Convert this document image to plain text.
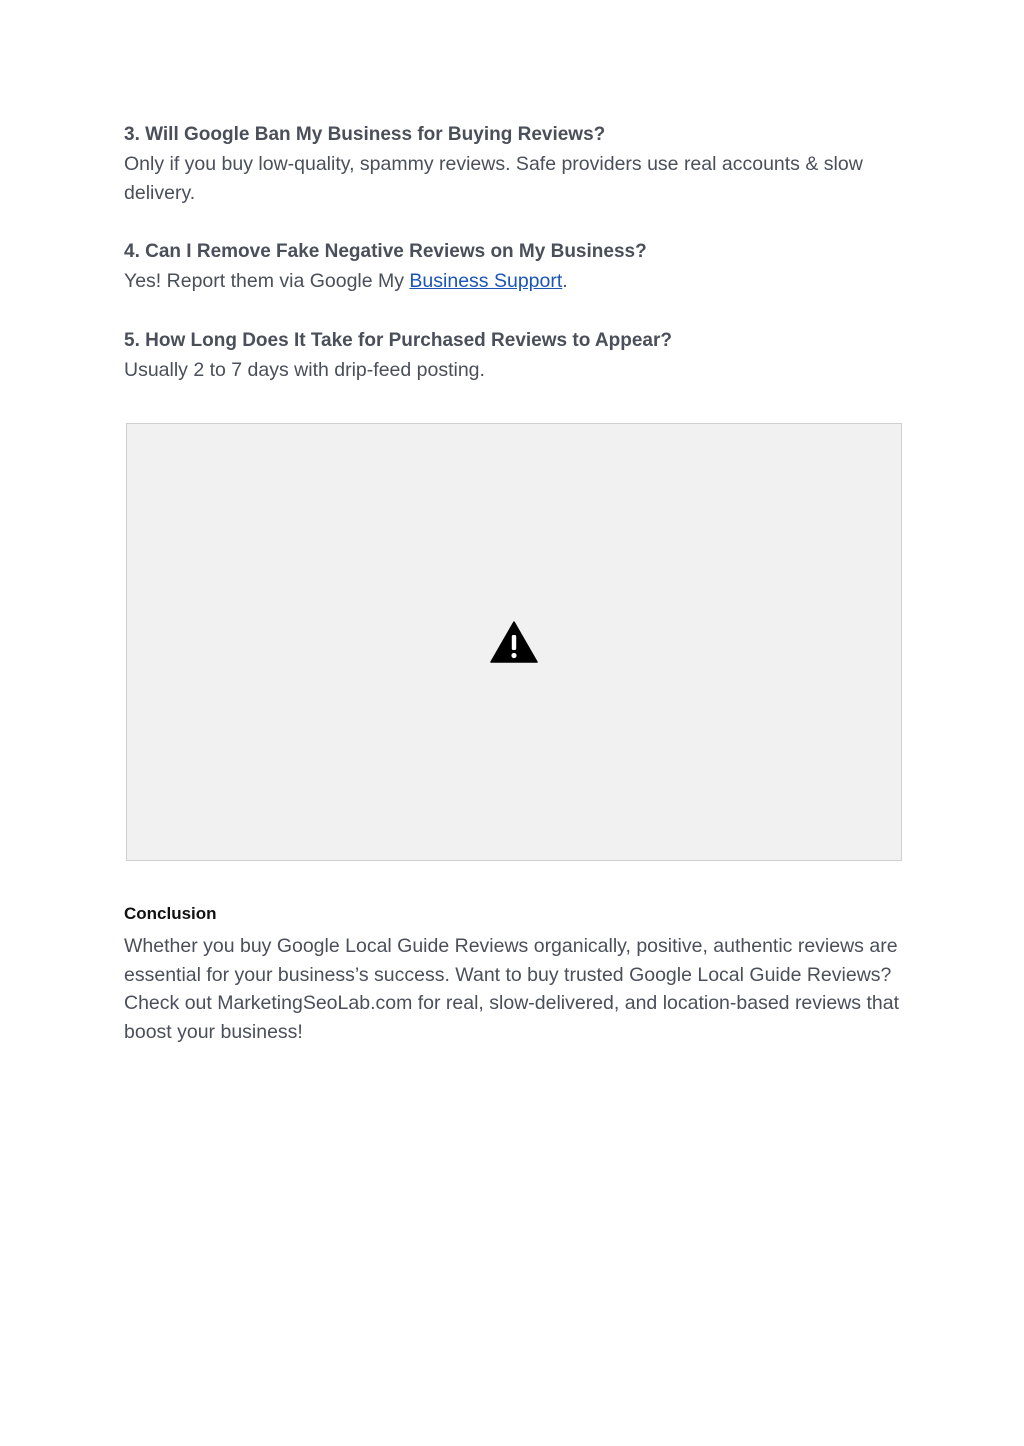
3. Will Google Ban My Business for Buying Reviews?

Only if you buy low-quality, spammy reviews. Safe providers use real accounts & slow delivery.

4. Can I Remove Fake Negative Reviews on My Business?

Yes! Report them via Google My Business Support.

5. How Long Does It Take for Purchased Reviews to Appear?

Usually 2 to 7 days with drip-feed posting.

Conclusion

Whether you buy Google Local Guide Reviews organically, positive, authentic reviews are essential for your business’s success. Want to buy trusted Google Local Guide Reviews? Check out MarketingSeoLab.com for real, slow-delivered, and location-based reviews that boost your business!
